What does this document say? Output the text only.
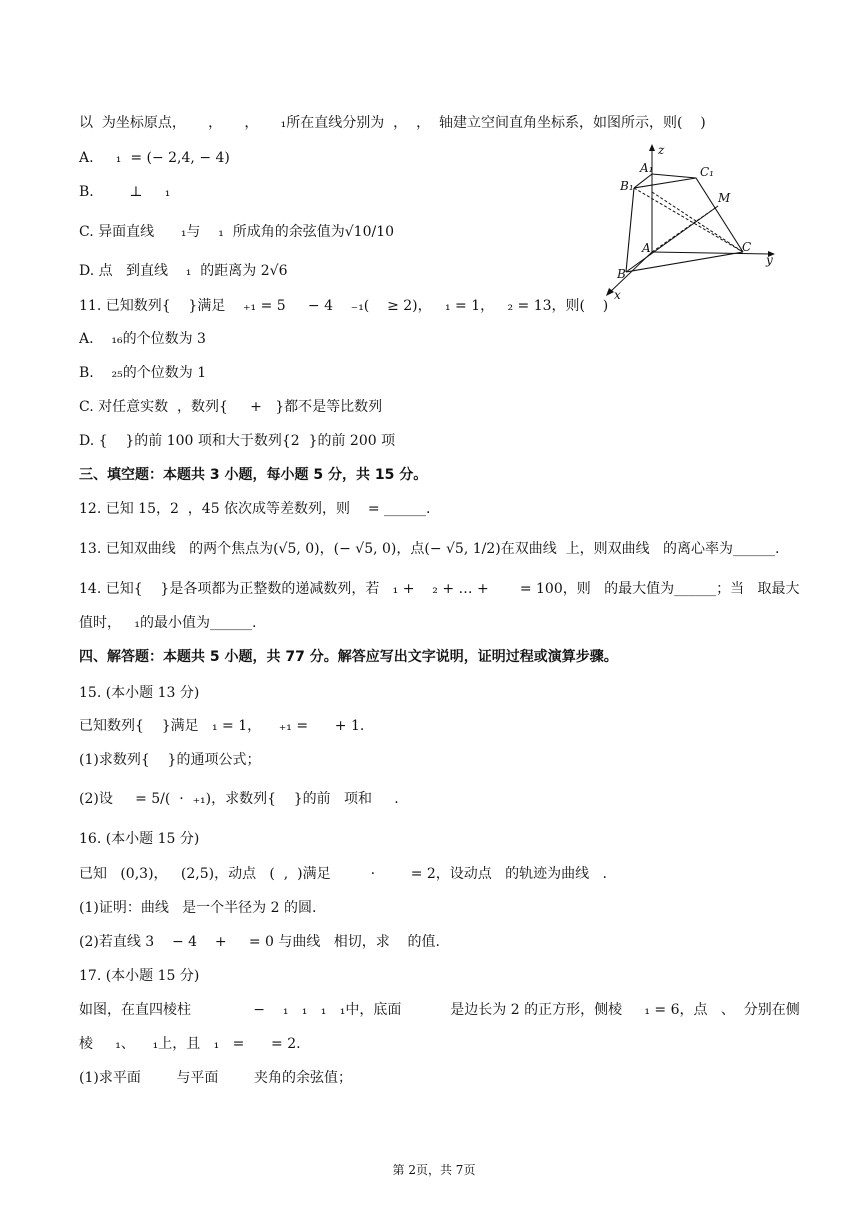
以  为坐标原点，     ，     ，     ₁所在直线分别为  ，  ，  轴建立空间直角坐标系，如图所示，则(    )
A.     ₁  = (− 2,4, − 4)
B.        ⊥     ₁
C. 异面直线      ₁与    ₁  所成角的余弦值为√10/10
D. 点   到直线    ₁  的距离为 2√6
11. 已知数列{    }满足    ₊₁ = 5     − 4    ₋₁(    ≥ 2)，   ₁ = 1，   ₂ = 13，则(    )
A.    ₁₆的个位数为 3
B.    ₂₅的个位数为 1
C. 对任意实数  ，数列{     +   }都不是等比数列
D. {    }的前 100 项和大于数列{2  }的前 200 项
三、填空题：本题共 3 小题，每小题 5 分，共 15 分。
12. 已知 15，2  ，45 依次成等差数列，则    = ______.
13. 已知双曲线   的两个焦点为(√5, 0)，(− √5, 0)，点(− √5, 1/2)在双曲线  上，则双曲线   的离心率为______.
14. 已知{    }是各项都为正整数的递减数列，若   ₁ +    ₂ + … +       = 100，则   的最大值为______；当   取最大
值时，   ₁的最小值为______.
四、解答题：本题共 5 小题，共 77 分。解答应写出文字说明，证明过程或演算步骤。
15. (本小题 13 分)
已知数列{    }满足   ₁ = 1，    ₊₁ =      + 1.
(1)求数列{    }的通项公式；
(2)设     = 5/(  ·  ₊₁)，求数列{    }的前   项和     .
16. (本小题 15 分)
已知   (0,3)，   (2,5)，动点   (  ,  )满足         ·        = 2，设动点   的轨迹为曲线   .
(1)证明：曲线   是一个半径为 2 的圆.
(2)若直线 3    − 4    +     = 0 与曲线   相切，求    的值.
17. (本小题 15 分)
如图，在直四棱柱              −    ₁   ₁   ₁   ₁中，底面           是边长为 2 的正方形，侧棱     ₁ = 6，点   、  分别在侧
棱     ₁、    ₁上，且   ₁   =      = 2.
(1)求平面        与平面        夹角的余弦值；
z
A₁	C₁
B₁
M
A	C
y
B
x
第 2页，共 7页
